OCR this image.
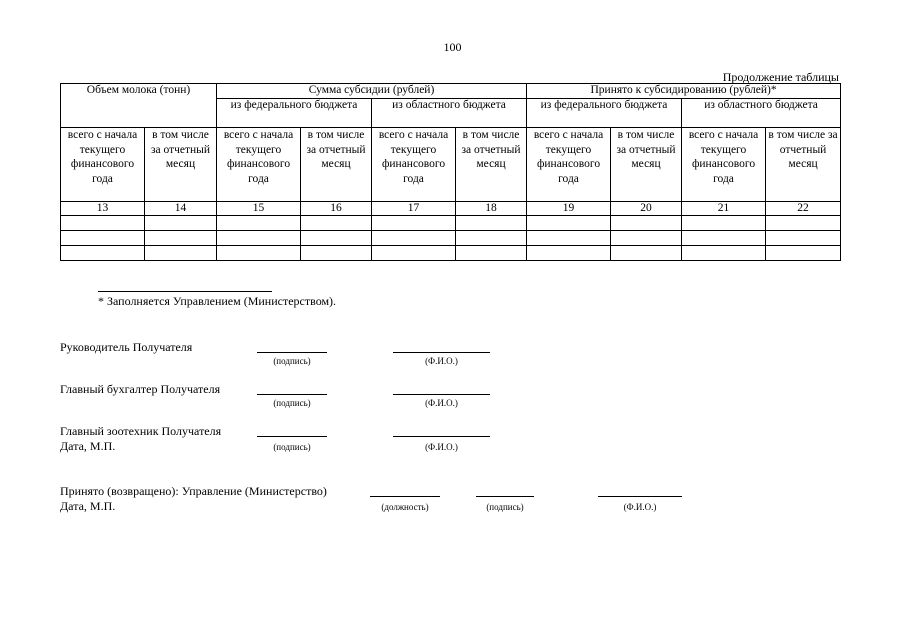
100
Продолжение таблицы
Объем молока (тонн)		Сумма субсидии (рублей)				Принято к субсидированию (рублей)*			
		из федерального бюджета		из областного бюджета		из федерального бюджета		из областного бюджета	
всего с начала текущего финансового года	в том числе за отчетный месяц	всего с начала текущего финансового года	в том числе за отчетный месяц	всего с начала текущего финансового года	в том числе за отчетный месяц	всего с начала текущего финансового года	в том числе за отчетный месяц	всего с начала текущего финансового года	в том числе за отчетный месяц
13	14	15	16	17	18	19	20	21	22

* Заполняется Управлением (Министерством).
Руководитель Получателя
(подпись)	(Ф.И.О.)
Главный бухгалтер Получателя
(подпись)	(Ф.И.О.)
Главный зоотехник Получателя
Дата, М.П.	(подпись)	(Ф.И.О.)
Принято (возвращено): Управление (Министерство)
Дата, М.П.	(должность)	(подпись)	(Ф.И.О.)
